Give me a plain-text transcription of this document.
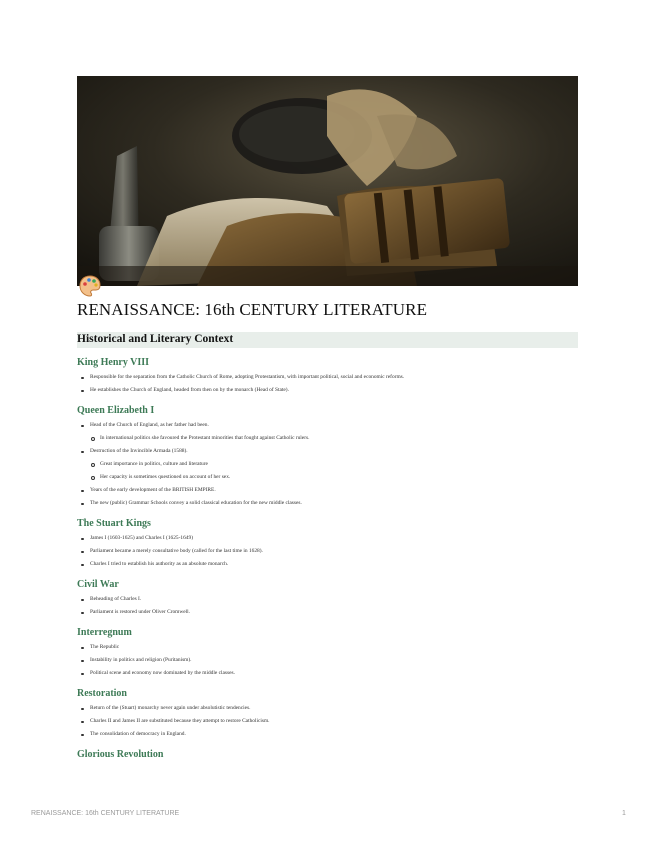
RENAISSANCE: 16th CENTURY LITERATURE
Historical and Literary Context
King Henry VIII
Responsible for the separation from the Catholic Church of Rome, adopting Protestantism, with important political, social and economic reforms.
He establishes the Church of England, headed from then on by the monarch (Head of State).
Queen Elizabeth I
Head of the Church of England, as her father had been.
In international politics she favoured the Protestant minorities that fought against Catholic rulers.
Destruction of the Invincible Armada (1588).
Great importance in politics, culture and literature
Her capacity is sometimes questioned on account of her sex.
Years of the early development of the BRITISH EMPIRE.
The new (public) Grammar Schools convey a solid classical education for the new middle classes.
The Stuart Kings
James I (1603-1625) and Charles I (1625-1649)
Parliament became a merely consultative body (called for the last time in 1628).
Charles I tried to establish his authority as an absolute monarch.
Civil War
Beheading of Charles I.
Parliament is restored under Oliver Cromwell.
Interregnum
The Republic
Instability in politics and religion (Puritanism).
Political scene and economy now dominated by the middle classes.
Restoration
Return of the (Stuart) monarchy never again under absolutistic tendencies.
Charles II and James II are substituted because they attempt to restore Catholicism.
The consolidation of democracy in England.
Glorious Revolution
RENAISSANCE: 16th CENTURY LITERATURE	1
